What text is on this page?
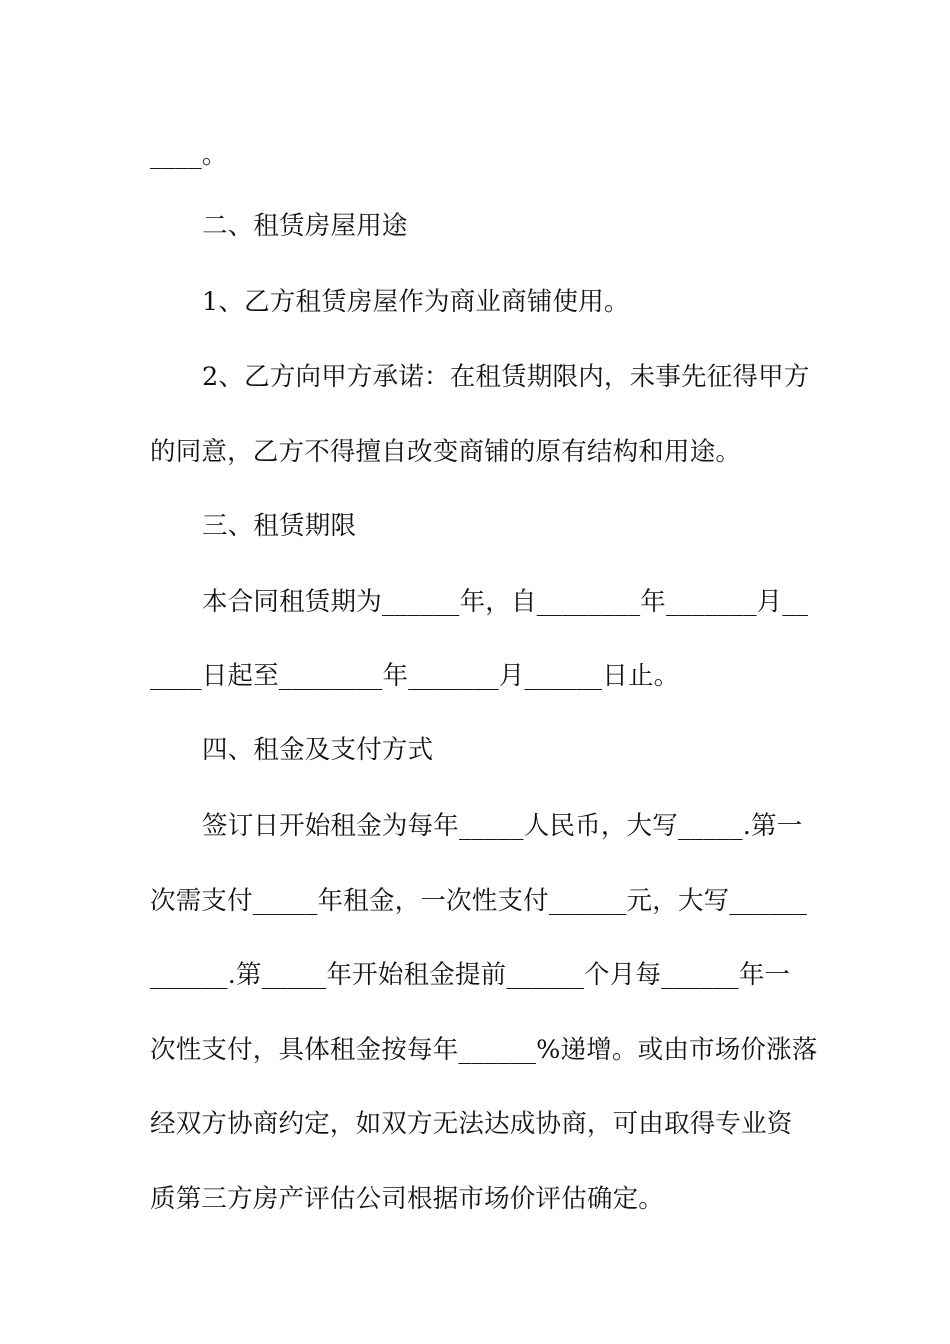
____。
二、租赁房屋用途
1、乙方租赁房屋作为商业商铺使用。
2、乙方向甲方承诺：在租赁期限内，未事先征得甲方
的同意，乙方不得擅自改变商铺的原有结构和用途。
三、租赁期限
本合同租赁期为______年，自________年_______月__
____日起至________年_______月______日止。
四、租金及支付方式
签订日开始租金为每年_____人民币，大写_____.第一
次需支付_____年租金，一次性支付______元，大写______
______.第_____年开始租金提前______个月每______年一
次性支付，具体租金按每年______%递增。或由市场价涨落
经双方协商约定，如双方无法达成协商，可由取得专业资
质第三方房产评估公司根据市场价评估确定。
